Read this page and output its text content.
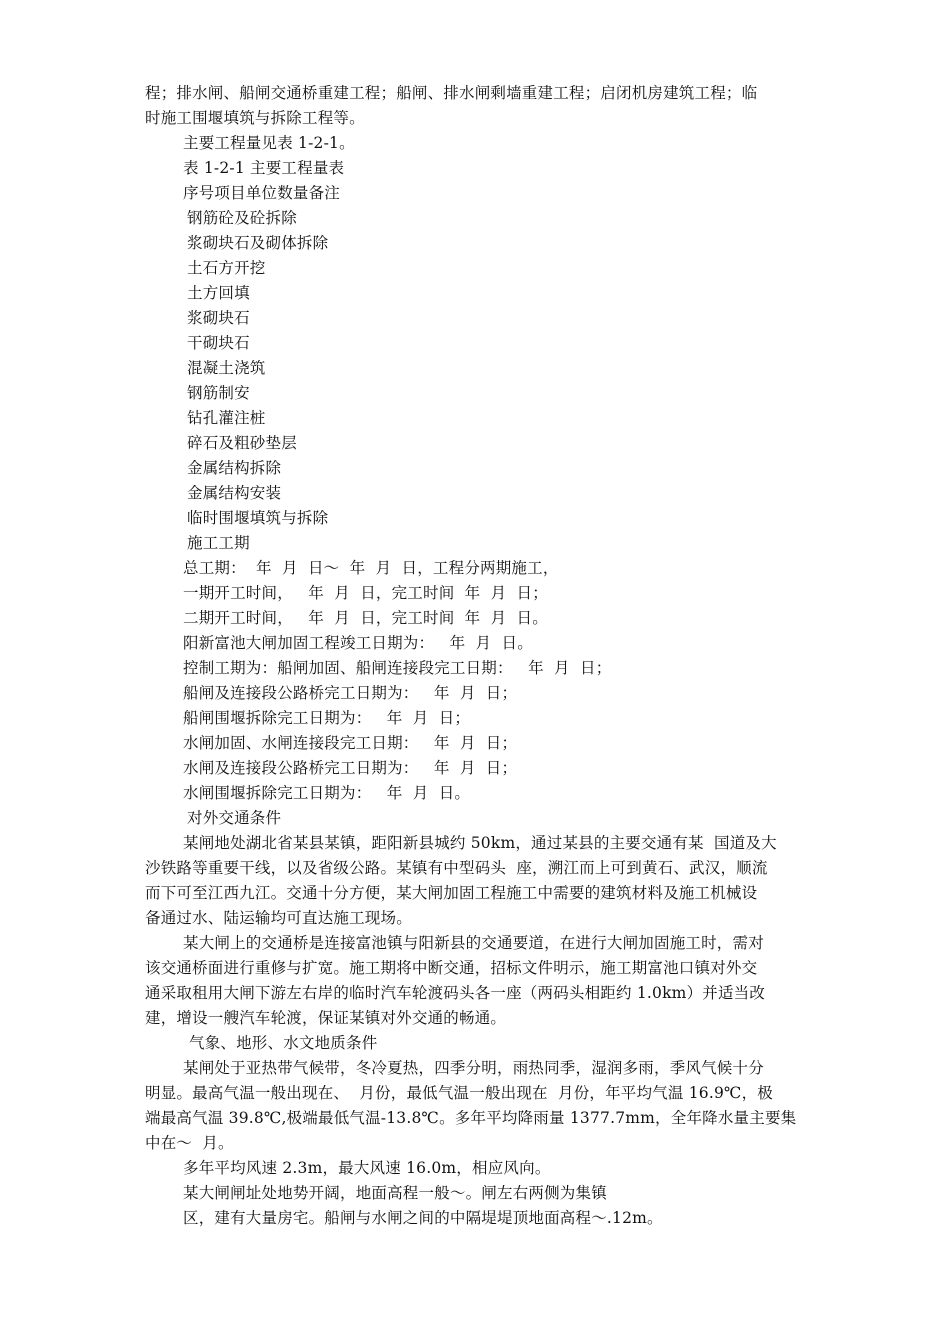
程；排水闸、船闸交通桥重建工程；船闸、排水闸剩墙重建工程；启闭机房建筑工程；临
时施工围堰填筑与拆除工程等。
主要工程量见表 1-2-1。
表 1-2-1 主要工程量表
序号项目单位数量备注
钢筋砼及砼拆除
浆砌块石及砌体拆除
土石方开挖
土方回填
浆砌块石
干砌块石
混凝土浇筑
钢筋制安
钻孔灌注桩
碎石及粗砂垫层
金属结构拆除
金属结构安装
临时围堰填筑与拆除
施工工期
总工期：  年  月  日～  年  月  日，工程分两期施工，
一期开工时间，   年  月  日，完工时间  年  月  日；
二期开工时间，   年  月  日，完工时间  年  月  日。
阳新富池大闸加固工程竣工日期为：   年  月  日。
控制工期为：船闸加固、船闸连接段完工日期：   年  月  日；
船闸及连接段公路桥完工日期为：   年  月  日；
船闸围堰拆除完工日期为：   年  月  日；
水闸加固、水闸连接段完工日期：   年  月  日；
水闸及连接段公路桥完工日期为：   年  月  日；
水闸围堰拆除完工日期为：   年  月  日。
对外交通条件
某闸地处湖北省某县某镇，距阳新县城约 50km，通过某县的主要交通有某  国道及大
沙铁路等重要干线，以及省级公路。某镇有中型码头  座，溯江而上可到黄石、武汉，顺流
而下可至江西九江。交通十分方便，某大闸加固工程施工中需要的建筑材料及施工机械设
备通过水、陆运输均可直达施工现场。
某大闸上的交通桥是连接富池镇与阳新县的交通要道，在进行大闸加固施工时，需对
该交通桥面进行重修与扩宽。施工期将中断交通，招标文件明示，施工期富池口镇对外交
通采取租用大闸下游左右岸的临时汽车轮渡码头各一座（两码头相距约 1.0km）并适当改
建，增设一艘汽车轮渡，保证某镇对外交通的畅通。
气象、地形、水文地质条件
某闸处于亚热带气候带，冬冷夏热，四季分明，雨热同季，湿润多雨，季风气候十分
明显。最高气温一般出现在、  月份，最低气温一般出现在  月份，年平均气温 16.9℃，极
端最高气温 39.8℃,极端最低气温-13.8℃。多年平均降雨量 1377.7mm，全年降水量主要集
中在～  月。
多年平均风速 2.3m，最大风速 16.0m，相应风向。
某大闸闸址处地势开阔，地面高程一般～。闸左右两侧为集镇
区，建有大量房宅。船闸与水闸之间的中隔堤堤顶地面高程～.12m。
